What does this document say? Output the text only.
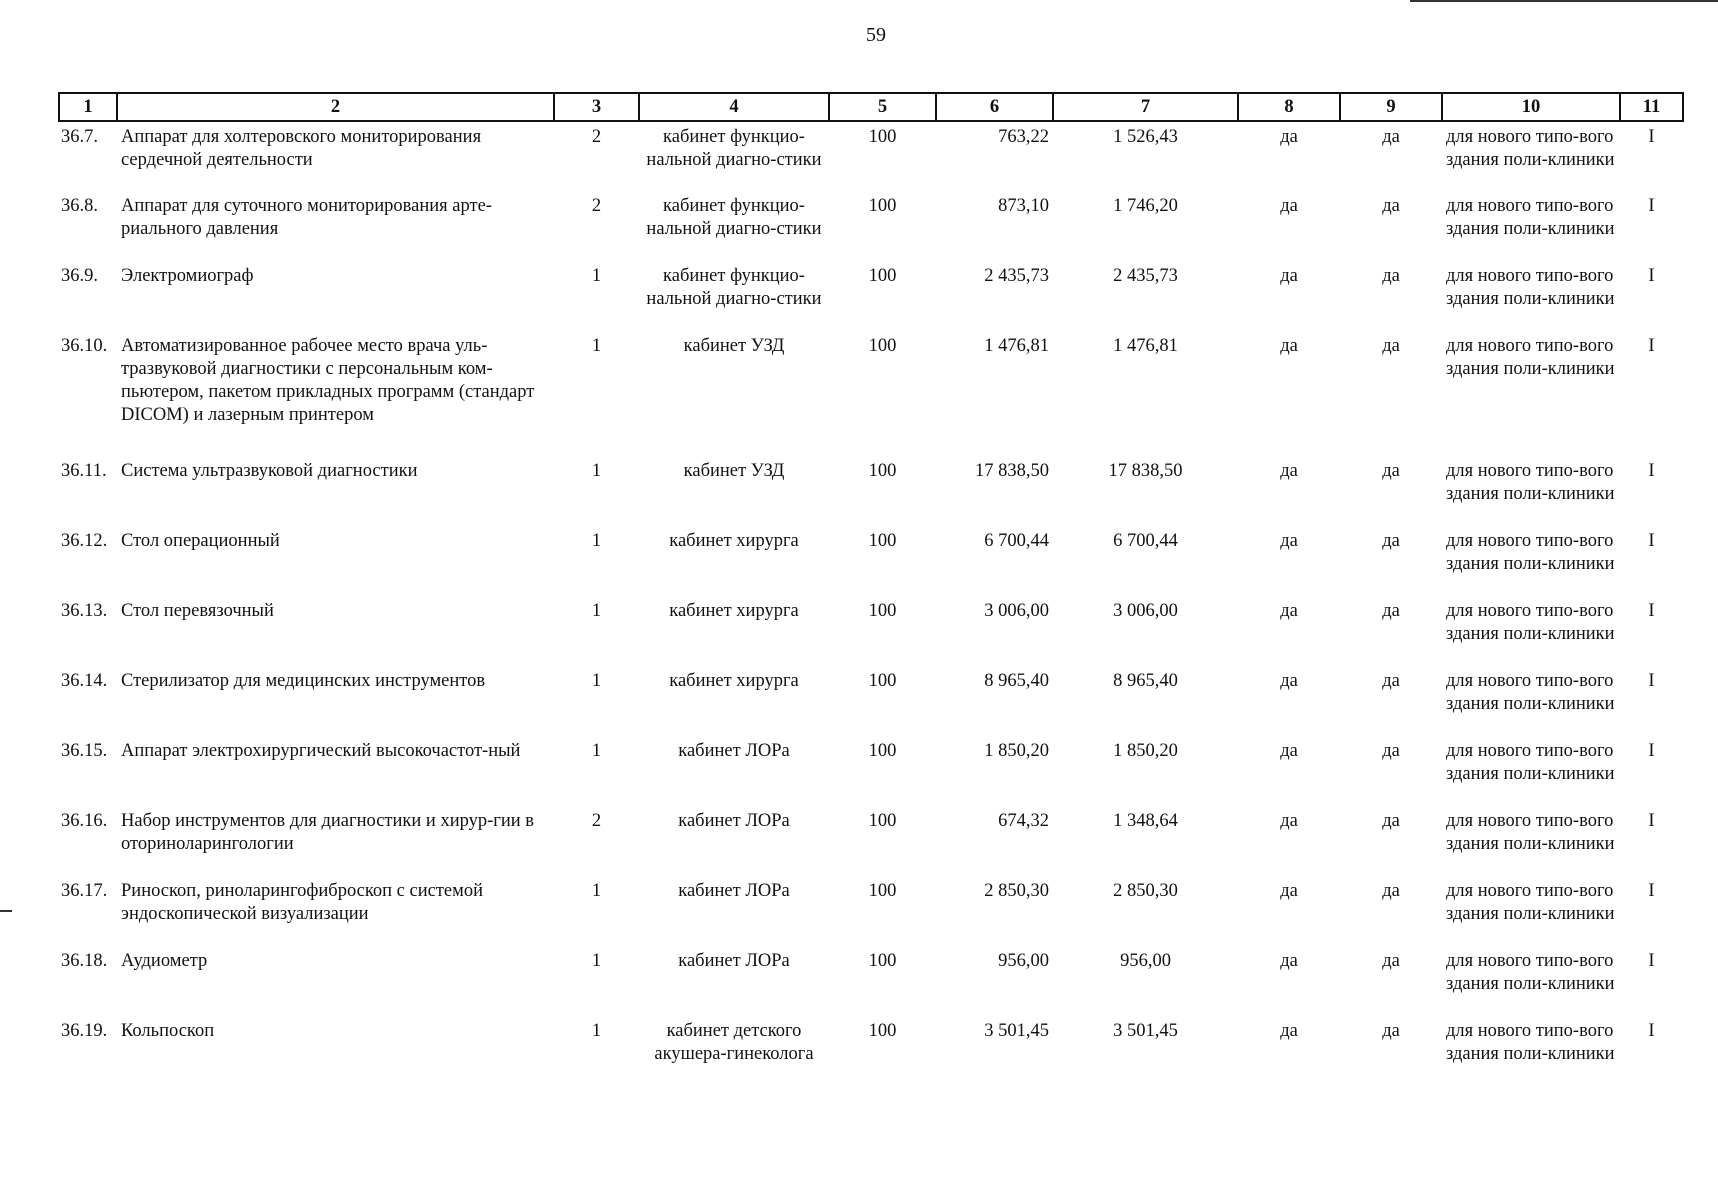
59
1	2	3	4	5	6	7	8	9	10	11
36.7.	Аппарат для холтеровского мониторирования сердечной деятельности	2	кабинет функцио-нальной диагно-стики	100	763,22	1 526,43	да	да	для нового типо-вого здания поли-клиники	I
36.8.	Аппарат для суточного мониторирования арте-риального давления	2	кабинет функцио-нальной диагно-стики	100	873,10	1 746,20	да	да	для нового типо-вого здания поли-клиники	I
36.9.	Электромиограф	1	кабинет функцио-нальной диагно-стики	100	2 435,73	2 435,73	да	да	для нового типо-вого здания поли-клиники	I
36.10.	Автоматизированное рабочее место врача уль-тразвуковой диагностики с персональным ком-пьютером, пакетом прикладных программ (стандарт DICOM) и лазерным принтером	1	кабинет УЗД	100	1 476,81	1 476,81	да	да	для нового типо-вого здания поли-клиники	I
36.11.	Система ультразвуковой диагностики	1	кабинет УЗД	100	17 838,50	17 838,50	да	да	для нового типо-вого здания поли-клиники	I
36.12.	Стол операционный	1	кабинет хирурга	100	6 700,44	6 700,44	да	да	для нового типо-вого здания поли-клиники	I
36.13.	Стол перевязочный	1	кабинет хирурга	100	3 006,00	3 006,00	да	да	для нового типо-вого здания поли-клиники	I
36.14.	Стерилизатор для медицинских инструментов	1	кабинет хирурга	100	8 965,40	8 965,40	да	да	для нового типо-вого здания поли-клиники	I
36.15.	Аппарат электрохирургический высокочастот-ный	1	кабинет ЛОРа	100	1 850,20	1 850,20	да	да	для нового типо-вого здания поли-клиники	I
36.16.	Набор инструментов для диагностики и хирур-гии в оториноларингологии	2	кабинет ЛОРа	100	674,32	1 348,64	да	да	для нового типо-вого здания поли-клиники	I
36.17.	Риноскоп, риноларингофиброскоп с системой эндоскопической визуализации	1	кабинет ЛОРа	100	2 850,30	2 850,30	да	да	для нового типо-вого здания поли-клиники	I
36.18.	Аудиометр	1	кабинет ЛОРа	100	956,00	956,00	да	да	для нового типо-вого здания поли-клиники	I
36.19.	Кольпоскоп	1	кабинет детского акушера-гинеколога	100	3 501,45	3 501,45	да	да	для нового типо-вого здания поли-клиники	I
